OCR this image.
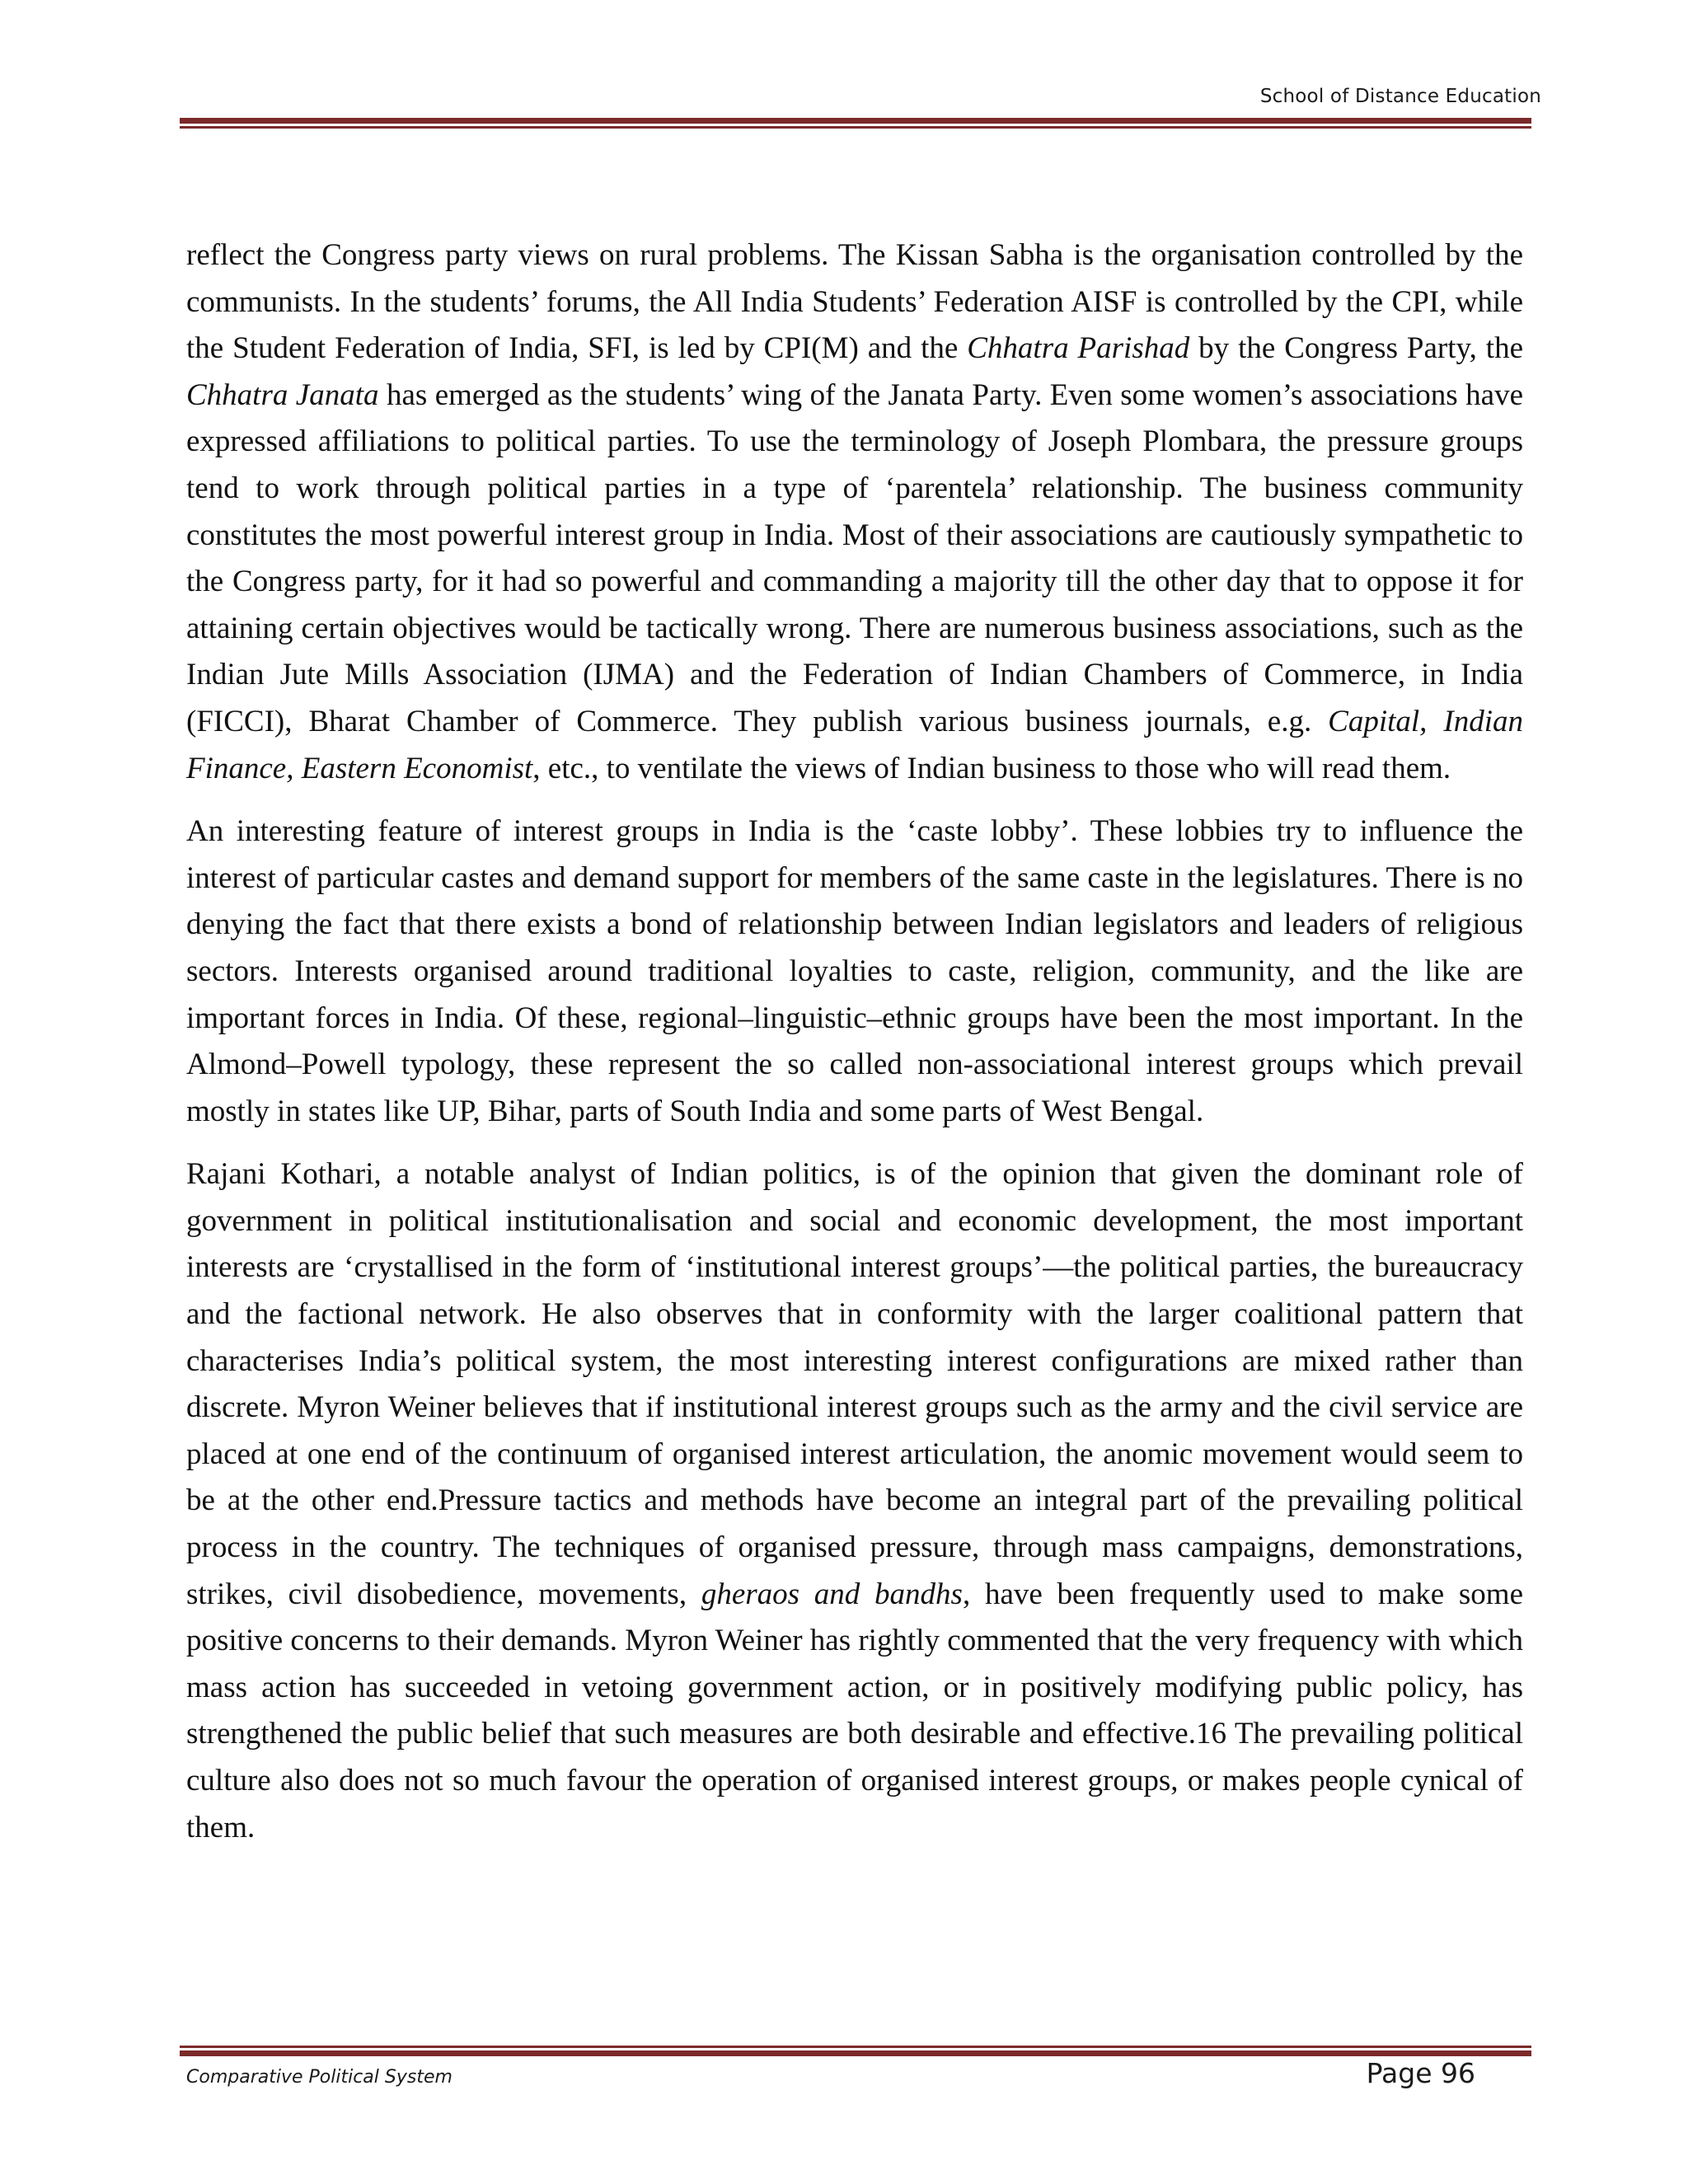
School of Distance Education

reflect the Congress party views on rural problems. The Kissan Sabha is the organisation controlled by the communists. In the students’ forums, the All India Students’ Federation AISF is controlled by the CPI, while the Student Federation of India, SFI, is led by CPI(M) and the Chhatra Parishad by the Congress Party, the Chhatra Janata has emerged as the students’ wing of the Janata Party. Even some women’s associations have expressed affiliations to political parties. To use the terminology of Joseph Plombara, the pressure groups tend to work through political parties in a type of ‘parentela’ relationship. The business community constitutes the most powerful interest group in India. Most of their associations are cautiously sympathetic to the Congress party, for it had so powerful and commanding a majority till the other day that to oppose it for attaining certain objectives would be tactically wrong. There are numerous business associations, such as the Indian Jute Mills Association (IJMA) and the Federation of Indian Chambers of Commerce, in India (FICCI), Bharat Chamber of Commerce. They publish various business journals, e.g. Capital, Indian Finance, Eastern Economist, etc., to ventilate the views of Indian business to those who will read them.

An interesting feature of interest groups in India is the ‘caste lobby’. These lobbies try to influence the interest of particular castes and demand support for members of the same caste in the legislatures. There is no denying the fact that there exists a bond of relationship between Indian legislators and leaders of religious sectors. Interests organised around traditional loyalties to caste, religion, community, and the like are important forces in India. Of these, regional–linguistic–ethnic groups have been the most important. In the Almond–Powell typology, these represent the so called non-associational interest groups which prevail mostly in states like UP, Bihar, parts of South India and some parts of West Bengal.

Rajani Kothari, a notable analyst of Indian politics, is of the opinion that given the dominant role of government in political institutionalisation and social and economic development, the most important interests are ‘crystallised in the form of ‘institutional interest groups’—the political parties, the bureaucracy and the factional network. He also observes that in conformity with the larger coalitional pattern that characterises India’s political system, the most interesting interest configurations are mixed rather than discrete. Myron Weiner believes that if institutional interest groups such as the army and the civil service are placed at one end of the continuum of organised interest articulation, the anomic movement would seem to be at the other end.Pressure tactics and methods have become an integral part of the prevailing political process in the country. The techniques of organised pressure, through mass campaigns, demonstrations, strikes, civil disobedience, movements, gheraos and bandhs, have been frequently used to make some positive concerns to their demands. Myron Weiner has rightly commented that the very frequency with which mass action has succeeded in vetoing government action, or in positively modifying public policy, has strengthened the public belief that such measures are both desirable and effective.16 The prevailing political culture also does not so much favour the operation of organised interest groups, or makes people cynical of them.

Comparative Political System	Page 96
